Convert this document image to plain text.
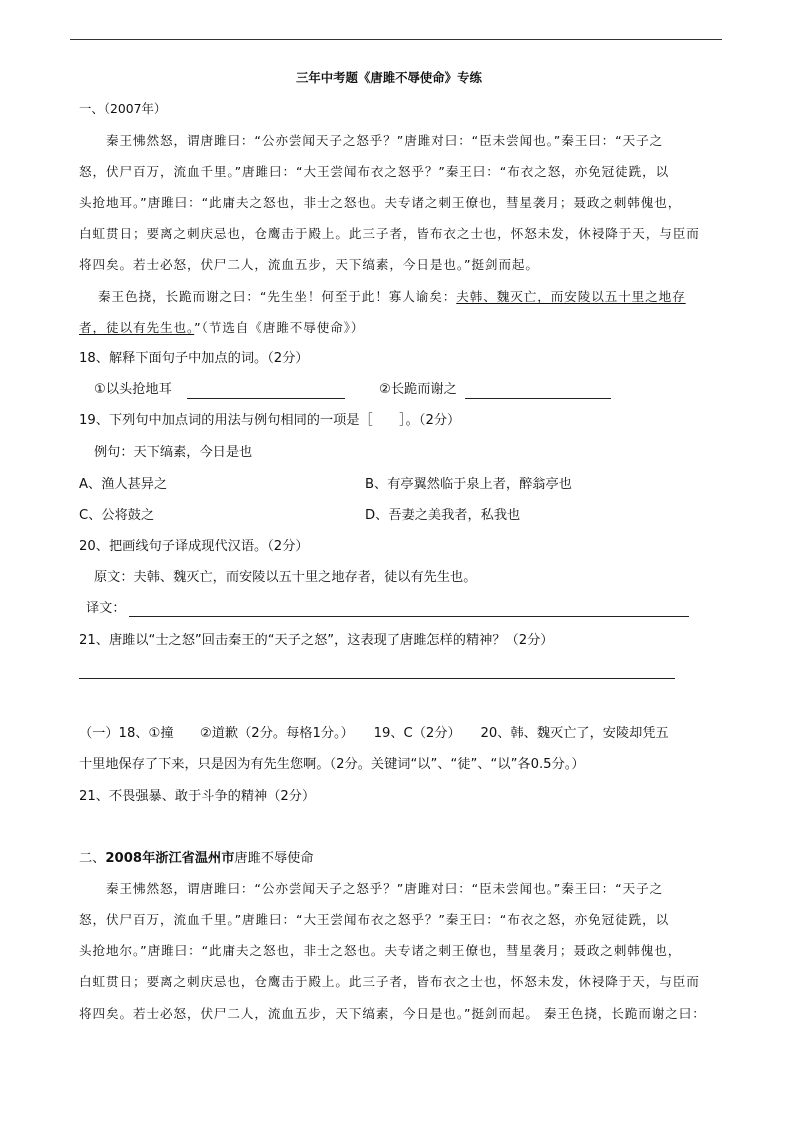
三年中考题《唐雎不辱使命》专练
一、（2007年）
秦王怫然怒，谓唐雎曰：“公亦尝闻天子之怒乎？”唐雎对曰：“臣未尝闻也。”秦王曰：“天子之
怒，伏尸百万，流血千里。”唐雎曰：“大王尝闻布衣之怒乎？”秦王曰：“布衣之怒，亦免冠徒跣，以
头抢地耳。”唐雎曰：“此庸夫之怒也，非士之怒也。夫专诸之刺王僚也，彗星袭月；聂政之刺韩傀也，
白虹贯日；要离之刺庆忌也，仓鹰击于殿上。此三子者，皆布衣之士也，怀怒未发，休祲降于天，与臣而
将四矣。若士必怒，伏尸二人，流血五步，天下缟素，今日是也。”挺剑而起。
秦王色挠，长跪而谢之曰：“先生坐！何至于此！寡人谕矣：夫韩、魏灭亡，而安陵以五十里之地存
者，徒以有先生也。”（节选自《唐雎不辱使命》）
18、解释下面句子中加点的词。（2分）
①以头抢地耳	②长跪而谢之
19、下列句中加点词的用法与例句相同的一项是［　　］。（2分）
例句：天下缟素，今日是也
A、渔人甚异之	B、有亭翼然临于泉上者，醉翁亭也
C、公将鼓之	D、吾妻之美我者，私我也
20、把画线句子译成现代汉语。（2分）
原文：夫韩、魏灭亡，而安陵以五十里之地存者，徒以有先生也。
译文：
21、唐雎以“士之怒”回击秦王的“天子之怒”，这表现了唐雎怎样的精神？（2分）
（一）18、①撞　　②道歉（2分。每格1分。）　　19、C（2分）　　20、韩、魏灭亡了，安陵却凭五
十里地保存了下来，只是因为有先生您啊。（2分。关键词“以”、“徒”、“以”各0.5分。）
21、不畏强暴、敢于斗争的精神（2分）
二、2008年浙江省温州市唐雎不辱使命
秦王怫然怒，谓唐雎曰：“公亦尝闻天子之怒乎？”唐雎对曰：“臣未尝闻也。”秦王曰：“天子之
怒，伏尸百万，流血千里。”唐雎曰：“大王尝闻布衣之怒乎？”秦王曰：“布衣之怒，亦免冠徒跣，以
头抢地尔。”唐雎曰：“此庸夫之怒也，非士之怒也。夫专诸之刺王僚也，彗星袭月；聂政之刺韩傀也，
白虹贯日；要离之刺庆忌也，仓鹰击于殿上。此三子者，皆布衣之士也，怀怒未发，休祲降于天，与臣而
将四矣。若士必怒，伏尸二人，流血五步，天下缟素，今日是也。”挺剑而起。 秦王色挠，长跪而谢之曰：
